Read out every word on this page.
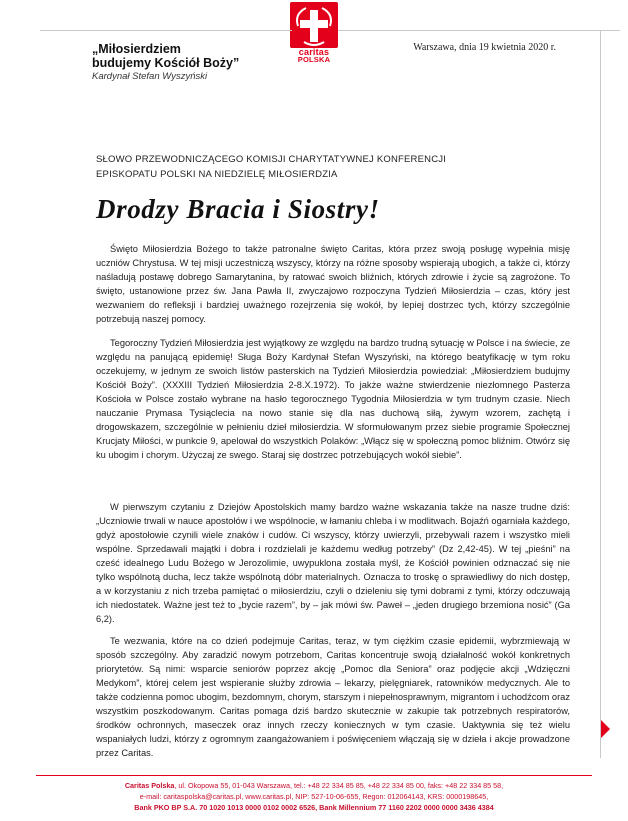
caritas
POLSKA
„Miłosierdziem
budujemy Kościół Boży”
Kardynał Stefan Wyszyński
Warszawa, dnia 19 kwietnia 2020 r.
SŁOWO PRZEWODNICZĄCEGO KOMISJI CHARYTATYWNEJ KONFERENCJI
EPISKOPATU POLSKI NA NIEDZIELĘ MIŁOSIERDZIA
Drodzy Bracia i Siostry!
Święto Miłosierdzia Bożego to także patronalne święto Caritas, która przez swoją posługę wypełnia misję uczniów Chrystusa. W tej misji uczestniczą wszyscy, którzy na różne sposoby wspierają ubogich, a także ci, którzy naśladują postawę dobrego Samarytanina, by ratować swoich bliźnich, których zdrowie i życie są zagrożone. To święto, ustanowione przez św. Jana Pawła II, zwyczajowo rozpoczyna Tydzień Miłosierdzia – czas, który jest wezwaniem do refleksji i bardziej uważnego rozejrzenia się wokół, by lepiej dostrzec tych, którzy szczególnie potrzebują naszej pomocy.
Tegoroczny Tydzień Miłosierdzia jest wyjątkowy ze względu na bardzo trudną sytuację w Polsce i na świecie, ze względu na panującą epidemię! Sługa Boży Kardynał Stefan Wyszyński, na którego beatyfikację w tym roku oczekujemy, w jednym ze swoich listów pasterskich na Tydzień Miłosierdzia powiedział: „Miłosierdziem budujmy Kościół Boży”. (XXXIII Tydzień Miłosierdzia 2-8.X.1972). To jakże ważne stwierdzenie niezłomnego Pasterza Kościoła w Polsce zostało wybrane na hasło tegorocznego Tygodnia Miłosierdzia w tym trudnym czasie. Niech nauczanie Prymasa Tysiąclecia na nowo stanie się dla nas duchową siłą, żywym wzorem, zachętą i drogowskazem, szczególnie w pełnieniu dzieł miłosierdzia. W sformułowanym przez siebie programie Społecznej Krucjaty Miłości, w punkcie 9, apelował do wszystkich Polaków: „Włącz się w społeczną pomoc bliźnim. Otwórz się ku ubogim i chorym. Użyczaj ze swego. Staraj się dostrzec potrzebujących wokół siebie”.
W pierwszym czytaniu z Dziejów Apostolskich mamy bardzo ważne wskazania także na nasze trudne dziś: „Uczniowie trwali w nauce apostołów i we wspólnocie, w łamaniu chleba i w modlitwach. Bojaźń ogarniała każdego, gdyż apostołowie czynili wiele znaków i cudów. Ci wszyscy, którzy uwierzyli, przebywali razem i wszystko mieli wspólne. Sprzedawali majątki i dobra i rozdzielali je każdemu według potrzeby” (Dz 2,42-45). W tej „pieśni” na cześć idealnego Ludu Bożego w Jerozolimie, uwypuklona została myśl, że Kościół powinien odznaczać się nie tylko wspólnotą ducha, lecz także wspólnotą dóbr materialnych. Oznacza to troskę o sprawiedliwy do nich dostęp, a w korzystaniu z nich trzeba pamiętać o miłosierdziu, czyli o dzieleniu się tymi dobrami z tymi, którzy odczuwają ich niedostatek. Ważne jest też to „bycie razem”, by – jak mówi św. Paweł – „jeden drugiego brzemiona nosić” (Ga 6,2).
Te wezwania, które na co dzień podejmuje Caritas, teraz, w tym ciężkim czasie epidemii, wybrzmiewają w sposób szczególny. Aby zaradzić nowym potrzebom, Caritas koncentruje swoją działalność wokół konkretnych priorytetów. Są nimi: wsparcie seniorów poprzez akcję „Pomoc dla Seniora” oraz podjęcie akcji „Wdzięczni Medykom”, której celem jest wspieranie służby zdrowia – lekarzy, pielęgniarek, ratowników medycznych. Ale to także codzienna pomoc ubogim, bezdomnym, chorym, starszym i niepełnosprawnym, migrantom i uchodźcom oraz wszystkim poszkodowanym. Caritas pomaga dziś bardzo skutecznie w zakupie tak potrzebnych respiratorów, środków ochronnych, maseczek oraz innych rzeczy koniecznych w tym czasie. Uaktywnia się też wielu wspaniałych ludzi, którzy z ogromnym zaangażowaniem i poświęceniem włączają się w dzieła i akcje prowadzone przez Caritas.
Caritas Polska, ul. Okopowa 55, 01-043 Warszawa, tel.: +48 22 334 85 85, +48 22 334 85 00, faks: +48 22 334 85 58,
e-mail: caritaspolska@caritas.pl, www.caritas.pl, NIP: 527-10-06-655, Regon: 012064143, KRS: 0000198645,
Bank PKO BP S.A. 70 1020 1013 0000 0102 0002 6526, Bank Millennium 77 1160 2202 0000 0000 3436 4384
